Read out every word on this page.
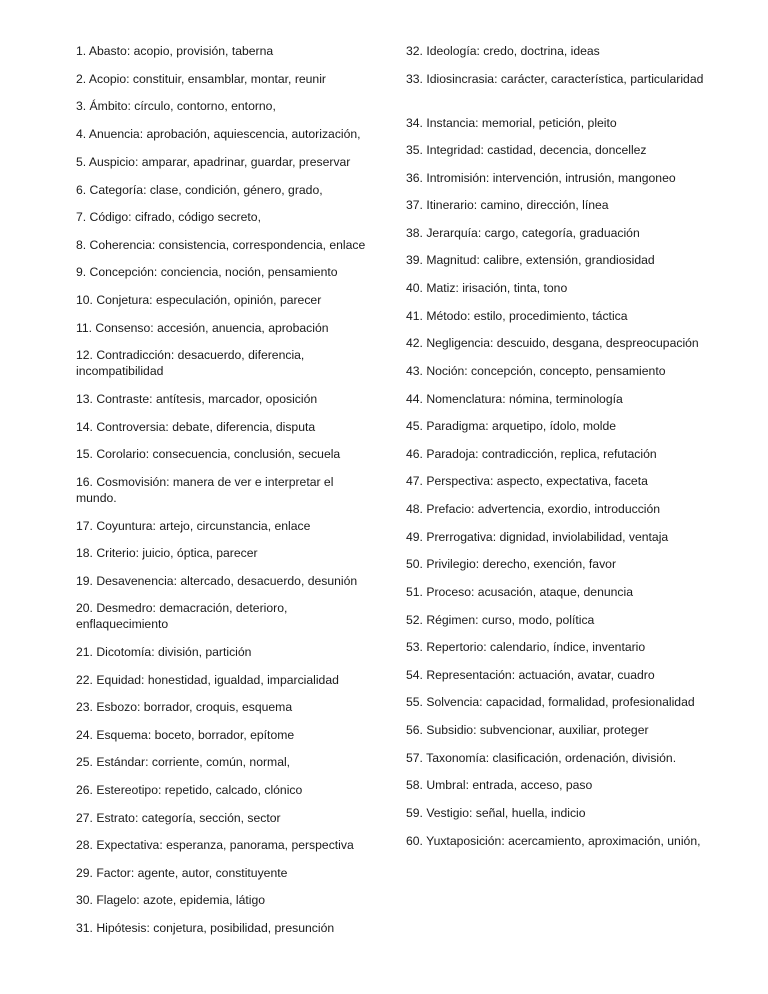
1. Abasto: acopio, provisión, taberna
2. Acopio: constituir, ensamblar, montar, reunir
3. Ámbito: círculo, contorno, entorno,
4. Anuencia: aprobación, aquiescencia, autorización,
5. Auspicio: amparar, apadrinar, guardar, preservar
6. Categoría: clase, condición, género, grado,
7. Código: cifrado, código secreto,
8. Coherencia: consistencia, correspondencia, enlace
9. Concepción: conciencia, noción, pensamiento
10. Conjetura: especulación, opinión, parecer
11. Consenso: accesión, anuencia, aprobación
12. Contradicción: desacuerdo, diferencia, incompatibilidad
13. Contraste: antítesis, marcador, oposición
14. Controversia: debate, diferencia, disputa
15. Corolario: consecuencia, conclusión, secuela
16. Cosmovisión: manera de ver e interpretar el mundo.
17. Coyuntura: artejo, circunstancia, enlace
18. Criterio: juicio, óptica, parecer
19. Desavenencia: altercado, desacuerdo, desunión
20. Desmedro: demacración, deterioro, enflaquecimiento
21. Dicotomía: división, partición
22. Equidad: honestidad, igualdad, imparcialidad
23. Esbozo: borrador, croquis, esquema
24. Esquema: boceto, borrador, epítome
25. Estándar: corriente, común, normal,
26. Estereotipo: repetido, calcado, clónico
27. Estrato: categoría, sección, sector
28. Expectativa: esperanza, panorama, perspectiva
29. Factor: agente, autor, constituyente
30. Flagelo: azote, epidemia, látigo
31. Hipótesis: conjetura, posibilidad, presunción
32. Ideología: credo, doctrina, ideas
33. Idiosincrasia: carácter, característica, particularidad
34. Instancia: memorial, petición, pleito
35. Integridad: castidad, decencia, doncellez
36. Intromisión: intervención, intrusión, mangoneo
37. Itinerario: camino, dirección, línea
38. Jerarquía: cargo, categoría, graduación
39. Magnitud: calibre, extensión, grandiosidad
40. Matiz: irisación, tinta, tono
41. Método: estilo, procedimiento, táctica
42. Negligencia: descuido, desgana, despreocupación
43. Noción: concepción, concepto, pensamiento
44. Nomenclatura: nómina, terminología
45. Paradigma: arquetipo, ídolo, molde
46. Paradoja: contradicción, replica, refutación
47. Perspectiva: aspecto, expectativa, faceta
48. Prefacio: advertencia, exordio, introducción
49. Prerrogativa: dignidad, inviolabilidad, ventaja
50. Privilegio: derecho, exención, favor
51. Proceso: acusación, ataque, denuncia
52. Régimen: curso, modo, política
53. Repertorio: calendario, índice, inventario
54. Representación: actuación, avatar, cuadro
55. Solvencia: capacidad, formalidad, profesionalidad
56. Subsidio: subvencionar, auxiliar, proteger
57. Taxonomía: clasificación, ordenación, división.
58. Umbral: entrada, acceso, paso
59. Vestigio: señal, huella, indicio
60. Yuxtaposición: acercamiento, aproximación, unión,
